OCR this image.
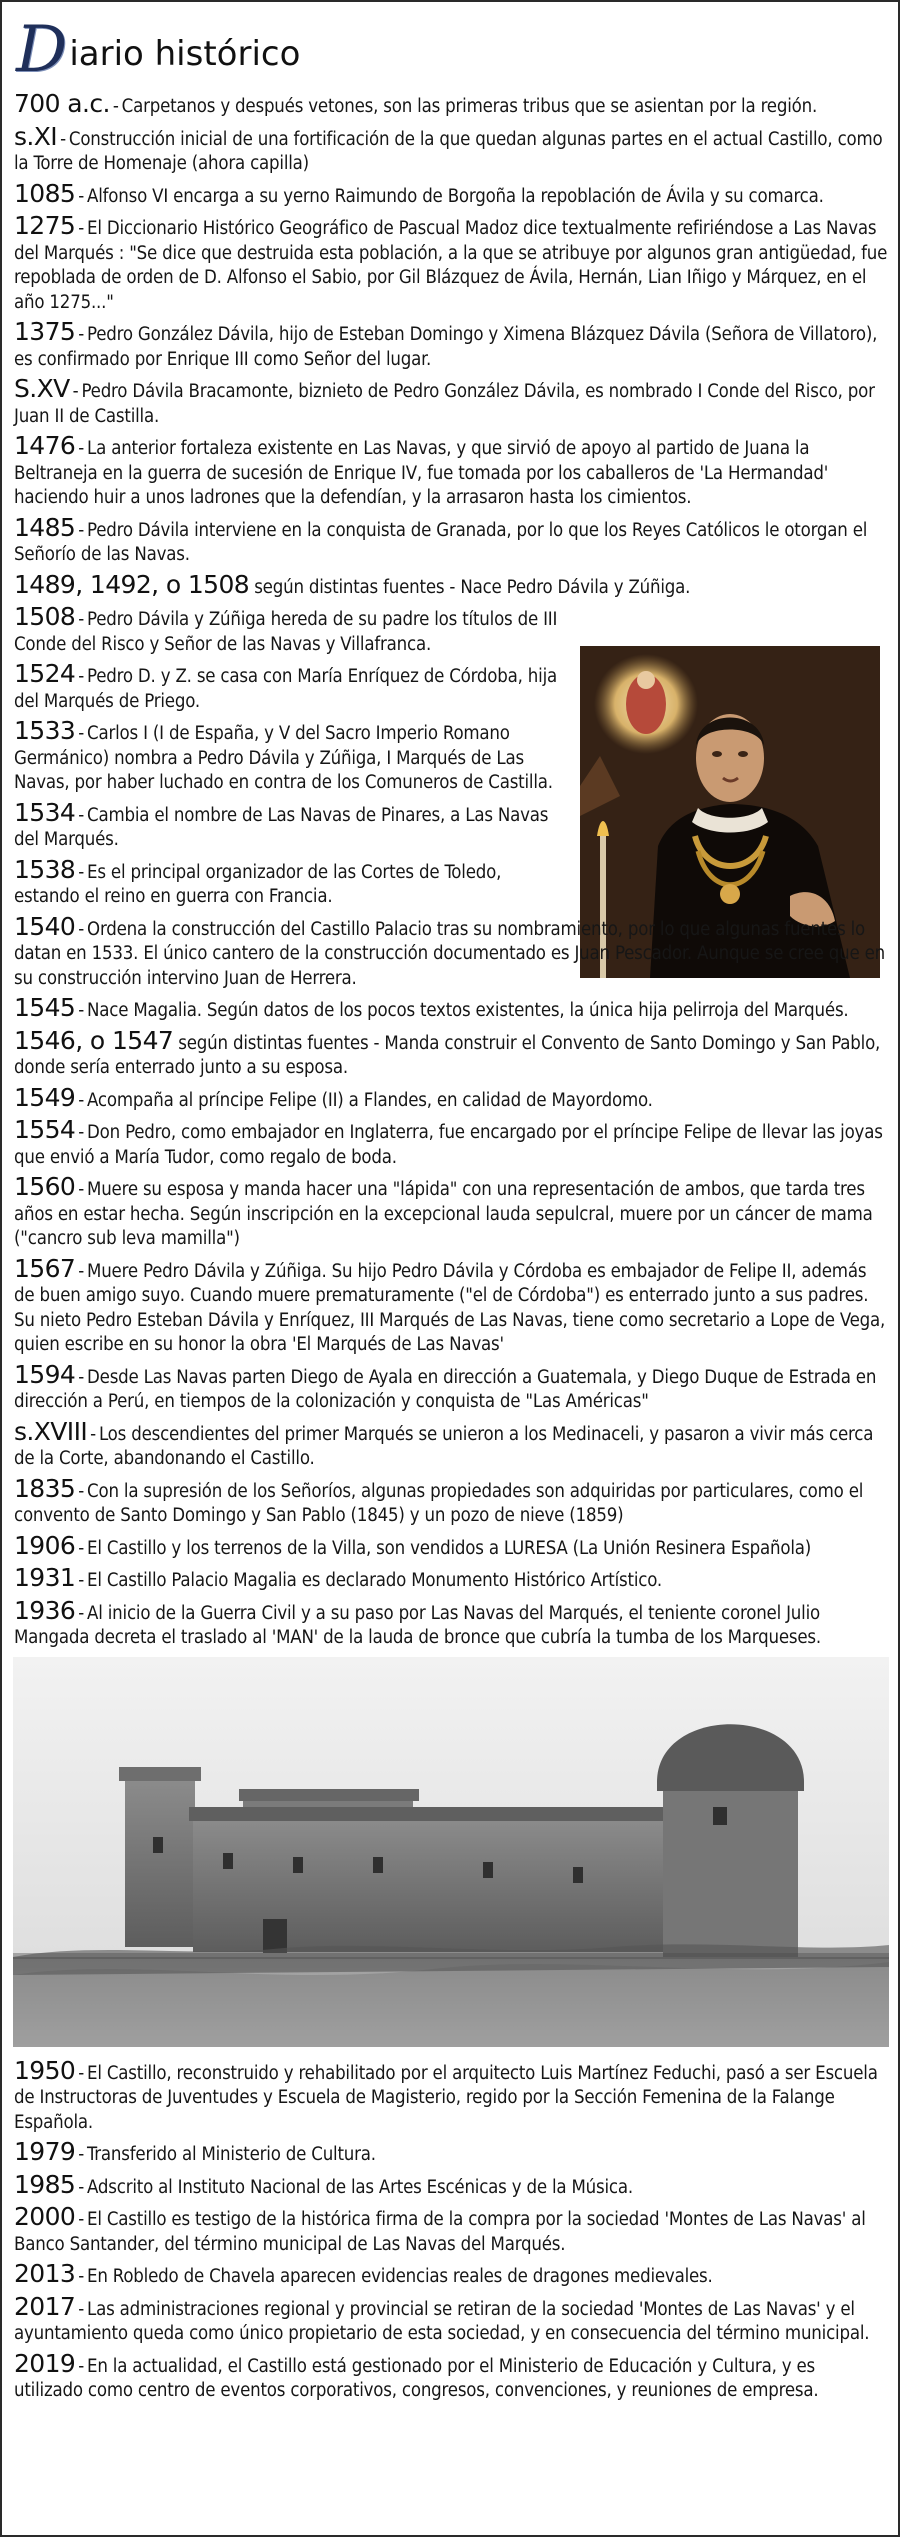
D iario histórico

700 a.c. - Carpetanos y después vetones, son las primeras tribus que se asientan por la región.

s.XI - Construcción inicial de una fortificación de la que quedan algunas partes en el actual Castillo, como la Torre de Homenaje (ahora capilla)

1085 - Alfonso VI encarga a su yerno Raimundo de Borgoña la repoblación de Ávila y su comarca.

1275 - El Diccionario Histórico Geográfico de Pascual Madoz dice textualmente refiriéndose a Las Navas del Marqués : "Se dice que destruida esta población, a la que se atribuye por algunos gran antigüedad, fue repoblada de orden de D. Alfonso el Sabio, por Gil Blázquez de Ávila, Hernán, Lian Iñigo y Márquez, en el año 1275..."

1375 - Pedro González Dávila, hijo de Esteban Domingo y Ximena Blázquez Dávila (Señora de Villatoro), es confirmado por Enrique III como Señor del lugar.

S.XV - Pedro Dávila Bracamonte, biznieto de Pedro González Dávila, es nombrado I Conde del Risco, por Juan II de Castilla.

1476 - La anterior fortaleza existente en Las Navas, y que sirvió de apoyo al partido de Juana la Beltraneja en la guerra de sucesión de Enrique IV, fue tomada por los caballeros de 'La Hermandad' haciendo huir a unos ladrones que la defendían, y la arrasaron hasta los cimientos.

1485 - Pedro Dávila interviene en la conquista de Granada, por lo que los Reyes Católicos le otorgan el Señorío de las Navas.

1489, 1492, o 1508 según distintas fuentes - Nace Pedro Dávila y Zúñiga.

1508 - Pedro Dávila y Zúñiga hereda de su padre los títulos de III Conde del Risco y Señor de las Navas y Villafranca.

1524 - Pedro D. y Z. se casa con María Enríquez de Córdoba, hija del Marqués de Priego.

1533 - Carlos I (I de España, y V del Sacro Imperio Romano Germánico) nombra a Pedro Dávila y Zúñiga, I Marqués de Las Navas, por haber luchado en contra de los Comuneros de Castilla.

1534 - Cambia el nombre de Las Navas de Pinares, a Las Navas del Marqués.

1538 - Es el principal organizador de las Cortes de Toledo, estando el reino en guerra con Francia.

1540 - Ordena la construcción del Castillo Palacio tras su nombramiento, por lo que algunas fuentes lo datan en 1533. El único cantero de la construcción documentado es Juan Pescador. Aunque se cree que en su construcción intervino Juan de Herrera.

1545 - Nace Magalia. Según datos de los pocos textos existentes, la única hija pelirroja del Marqués.

1546, o 1547 según distintas fuentes - Manda construir el Convento de Santo Domingo y San Pablo, donde sería enterrado junto a su esposa.

1549 - Acompaña al príncipe Felipe (II) a Flandes, en calidad de Mayordomo.

1554 - Don Pedro, como embajador en Inglaterra, fue encargado por el príncipe Felipe de llevar las joyas que envió a María Tudor, como regalo de boda.

1560 - Muere su esposa y manda hacer una "lápida" con una representación de ambos, que tarda tres años en estar hecha. Según inscripción en la excepcional lauda sepulcral, muere por un cáncer de mama ("cancro sub leva mamilla")

1567 - Muere Pedro Dávila y Zúñiga. Su hijo Pedro Dávila y Córdoba es embajador de Felipe II, además de buen amigo suyo. Cuando muere prematuramente ("el de Córdoba") es enterrado junto a sus padres. Su nieto Pedro Esteban Dávila y Enríquez, III Marqués de Las Navas, tiene como secretario a Lope de Vega, quien escribe en su honor la obra 'El Marqués de Las Navas'

1594 - Desde Las Navas parten Diego de Ayala en dirección a Guatemala, y Diego Duque de Estrada en dirección a Perú, en tiempos de la colonización y conquista de "Las Américas"

s.XVIII - Los descendientes del primer Marqués se unieron a los Medinaceli, y pasaron a vivir más cerca de la Corte, abandonando el Castillo.

1835 - Con la supresión de los Señoríos, algunas propiedades son adquiridas por particulares, como el convento de Santo Domingo y San Pablo (1845) y un pozo de nieve (1859)

1906 - El Castillo y los terrenos de la Villa, son vendidos a LURESA (La Unión Resinera Española)

1931 - El Castillo Palacio Magalia es declarado Monumento Histórico Artístico.

1936 - Al inicio de la Guerra Civil y a su paso por Las Navas del Marqués, el teniente coronel Julio Mangada decreta el traslado al 'MAN' de la lauda de bronce que cubría la tumba de los Marqueses.

1950 - El Castillo, reconstruido y rehabilitado por el arquitecto Luis Martínez Feduchi, pasó a ser Escuela de Instructoras de Juventudes y Escuela de Magisterio, regido por la Sección Femenina de la Falange Española.

1979 - Transferido al Ministerio de Cultura.

1985 - Adscrito al Instituto Nacional de las Artes Escénicas y de la Música.

2000 - El Castillo es testigo de la histórica firma de la compra por la sociedad 'Montes de Las Navas' al Banco Santander, del término municipal de Las Navas del Marqués.

2013 - En Robledo de Chavela aparecen evidencias reales de dragones medievales.

2017 - Las administraciones regional y provincial se retiran de la sociedad 'Montes de Las Navas' y el ayuntamiento queda como único propietario de esta sociedad, y en consecuencia del término municipal.

2019 - En la actualidad, el Castillo está gestionado por el Ministerio de Educación y Cultura, y es utilizado como centro de eventos corporativos, congresos, convenciones, y reuniones de empresa.
